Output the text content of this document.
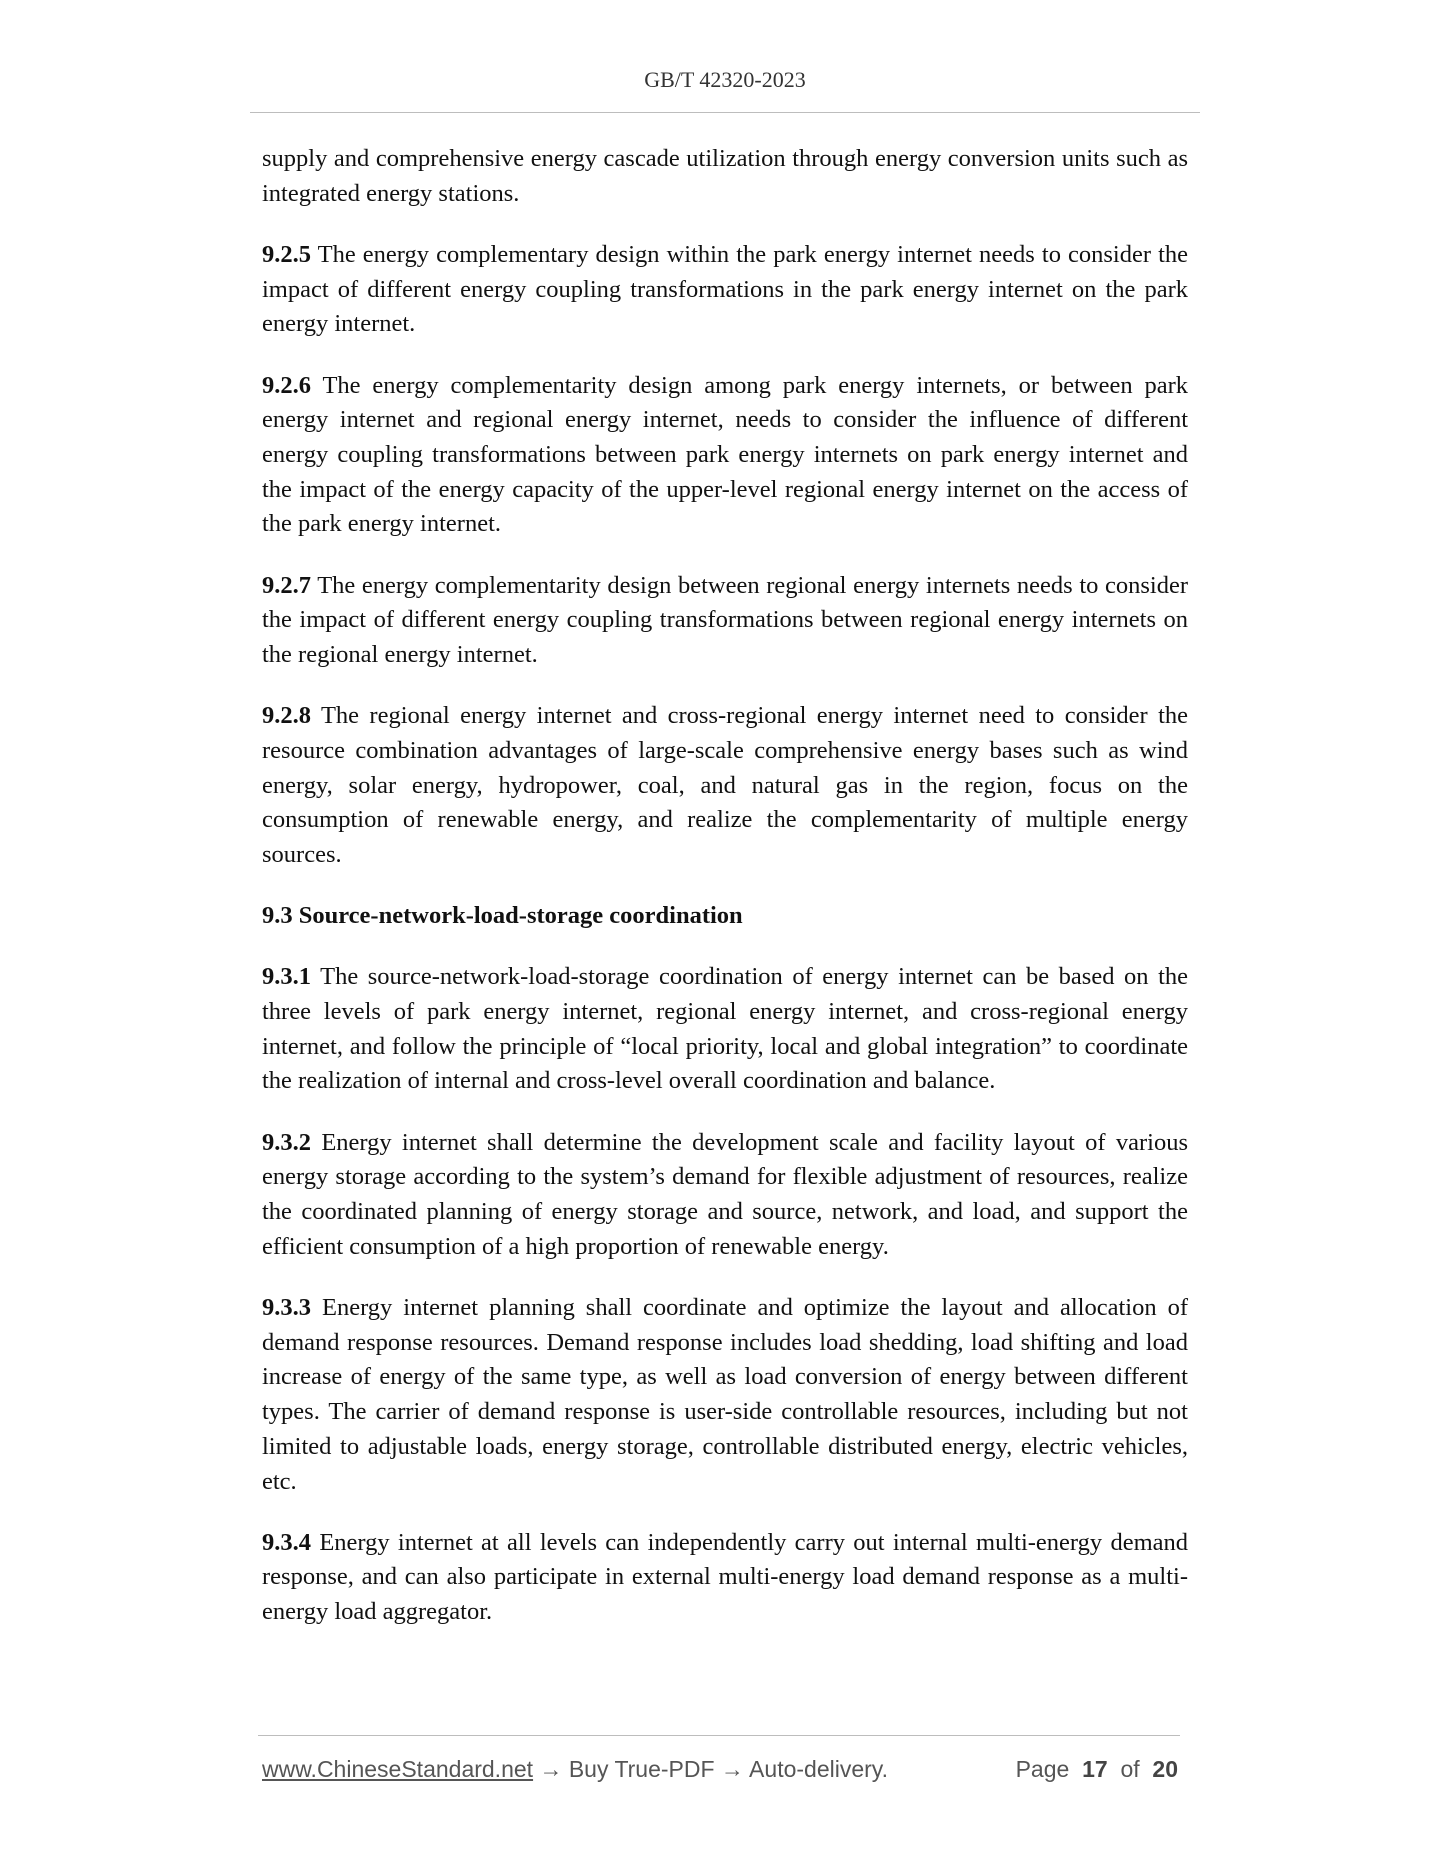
GB/T 42320-2023

supply and comprehensive energy cascade utilization through energy conversion units such as integrated energy stations.

9.2.5 The energy complementary design within the park energy internet needs to consider the impact of different energy coupling transformations in the park energy internet on the park energy internet.

9.2.6 The energy complementarity design among park energy internets, or between park energy internet and regional energy internet, needs to consider the influence of different energy coupling transformations between park energy internets on park energy internet and the impact of the energy capacity of the upper-level regional energy internet on the access of the park energy internet.

9.2.7 The energy complementarity design between regional energy internets needs to consider the impact of different energy coupling transformations between regional energy internets on the regional energy internet.

9.2.8 The regional energy internet and cross-regional energy internet need to consider the resource combination advantages of large-scale comprehensive energy bases such as wind energy, solar energy, hydropower, coal, and natural gas in the region, focus on the consumption of renewable energy, and realize the complementarity of multiple energy sources.

9.3 Source-network-load-storage coordination

9.3.1 The source-network-load-storage coordination of energy internet can be based on the three levels of park energy internet, regional energy internet, and cross-regional energy internet, and follow the principle of “local priority, local and global integration” to coordinate the realization of internal and cross-level overall coordination and balance.

9.3.2 Energy internet shall determine the development scale and facility layout of various energy storage according to the system’s demand for flexible adjustment of resources, realize the coordinated planning of energy storage and source, network, and load, and support the efficient consumption of a high proportion of renewable energy.

9.3.3 Energy internet planning shall coordinate and optimize the layout and allocation of demand response resources. Demand response includes load shedding, load shifting and load increase of energy of the same type, as well as load conversion of energy between different types. The carrier of demand response is user-side controllable resources, including but not limited to adjustable loads, energy storage, controllable distributed energy, electric vehicles, etc.

9.3.4 Energy internet at all levels can independently carry out internal multi-energy demand response, and can also participate in external multi-energy load demand response as a multi-energy load aggregator.

www.ChineseStandard.net → Buy True-PDF → Auto-delivery.	Page 17 of 20
